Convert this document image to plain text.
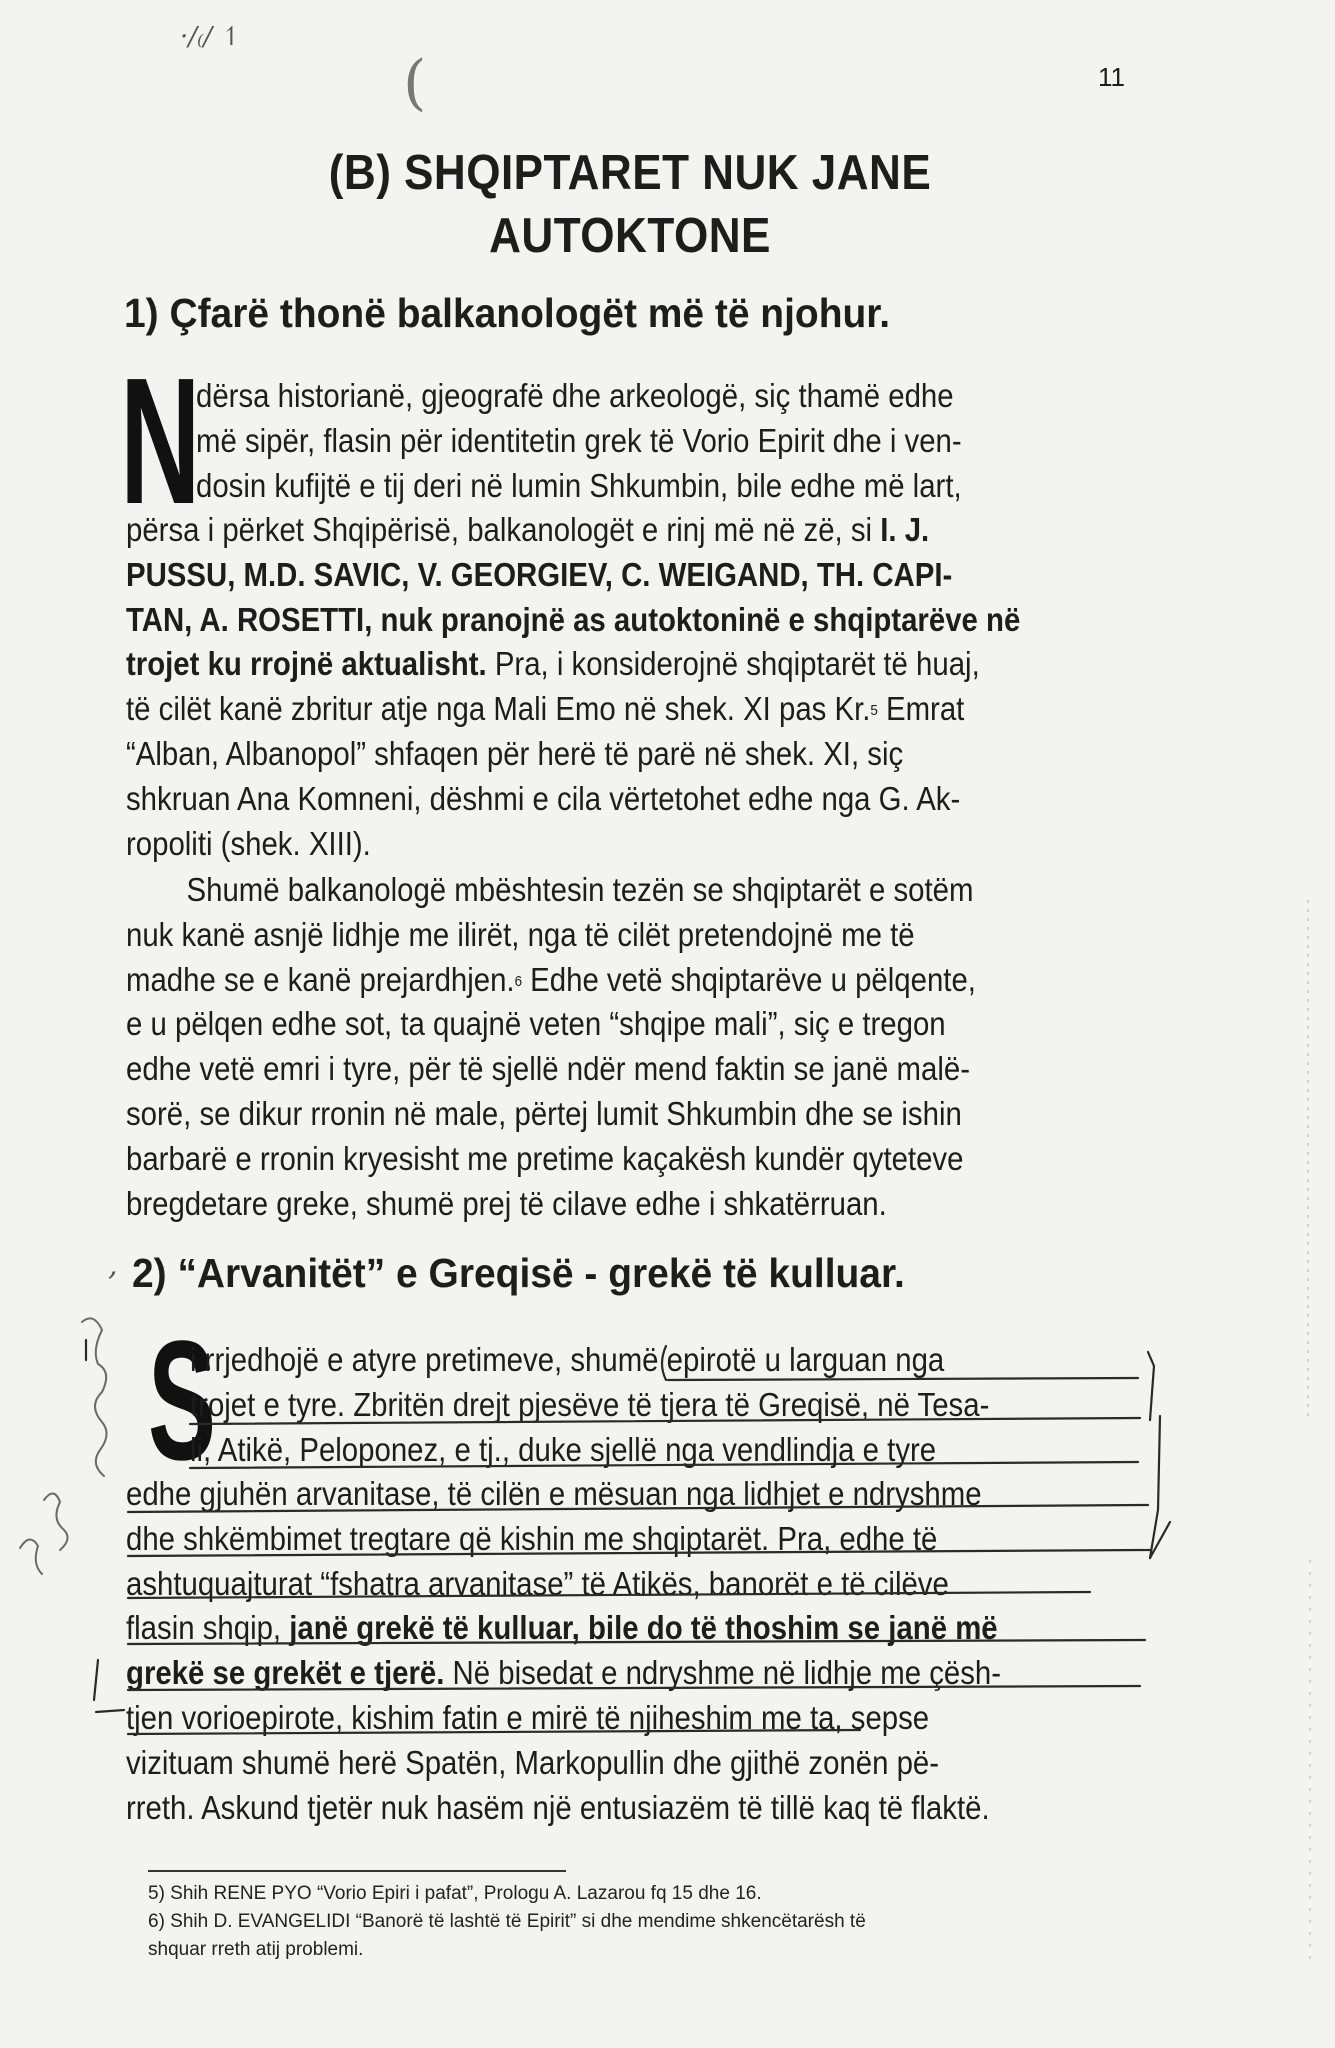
·/₍/ ↿
(	11
(B) SHQIPTARET NUK JANE
AUTOKTONE
1) Çfarë thonë balkanologët më të njohur.
N
dërsa historianë, gjeografë dhe arkeologë, siç thamë edhe
më sipër, flasin për identitetin grek të Vorio Epirit dhe i ven-
dosin kufijtë e tij deri në lumin Shkumbin, bile edhe më lart,
përsa i përket Shqipërisë, balkanologët e rinj më në zë, si I. J.
PUSSU, M.D. SAVIC, V. GEORGIEV, C. WEIGAND, TH. CAPI-
TAN, A. ROSETTI, nuk pranojnë as autoktoninë e shqiptarëve në
trojet ku rrojnë aktualisht. Pra, i konsiderojnë shqiptarët të huaj,
të cilët kanë zbritur atje nga Mali Emo në shek. XI pas Kr.$^5$ Emrat
“Alban, Albanopol” shfaqen për herë të parë në shek. XI, siç
shkruan Ana Komneni, dëshmi e cila vërtetohet edhe nga G. Ak-
ropoliti (shek. XIII).
Shumë balkanologë mbështesin tezën se shqiptarët e sotëm
nuk kanë asnjë lidhje me ilirët, nga të cilët pretendojnë me të
madhe se e kanë prejardhjen.$^6$ Edhe vetë shqiptarëve u pëlqente,
e u pëlqen edhe sot, ta quajnë veten “shqipe mali”, siç e tregon
edhe vetë emri i tyre, për të sjellë ndër mend faktin se janë malë-
sorë, se dikur rronin në male, përtej lumit Shkumbin dhe se ishin
barbarë e rronin kryesisht me pretime kaçakësh kundër qyteteve
bregdetare greke, shumë prej të cilave edhe i shkatërruan.
, 2) “Arvanitët” e Greqisë - grekë të kulluar.
S
i rrjedhojë e atyre pretimeve, shumë epirotë u larguan nga
trojet e tyre. Zbritën drejt pjesëve të tjera të Greqisë, në Tesa-
li, Atikë, Peloponez, e tj., duke sjellë nga vendlindja e tyre
edhe gjuhën arvanitase, të cilën e mësuan nga lidhjet e ndryshme
dhe shkëmbimet tregtare që kishin me shqiptarët. Pra, edhe të
ashtuquajturat “fshatra arvanitase” të Atikës, banorët e të cilëve
flasin shqip, janë grekë të kulluar, bile do të thoshim se janë më
grekë se grekët e tjerë. Në bisedat e ndryshme në lidhje me çësh-
tjen vorioepirote, kishim fatin e mirë të njiheshim me ta, sepse
vizituam shumë herë Spatën, Markopullin dhe gjithë zonën pë-
rreth. Askund tjetër nuk hasëm një entusiazëm të tillë kaq të flaktë.
5) Shih RENE PYO “Vorio Epiri i pafat”, Prologu A. Lazarou fq 15 dhe 16.
6) Shih D. EVANGELIDI “Banorë të lashtë të Epirit” si dhe mendime shkencëtarësh të
shquar rreth atij problemi.
